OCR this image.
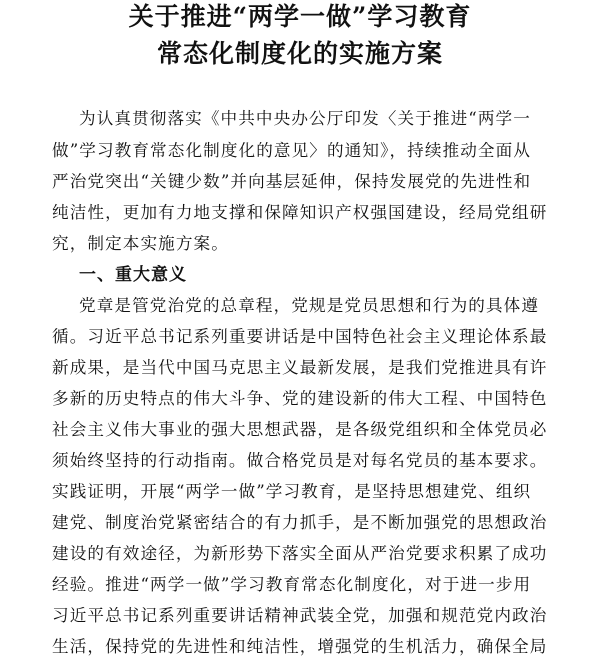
关于推进“两学一做”学习教育
常态化制度化的实施方案
为认真贯彻落实《中共中央办公厅印发〈关于推进“两学一
做”学习教育常态化制度化的意见〉的通知》，持续推动全面从
严治党突出“关键少数”并向基层延伸，保持发展党的先进性和
纯洁性，更加有力地支撑和保障知识产权强国建设，经局党组研
究，制定本实施方案。
一、重大意义
党章是管党治党的总章程，党规是党员思想和行为的具体遵
循。习近平总书记系列重要讲话是中国特色社会主义理论体系最
新成果，是当代中国马克思主义最新发展，是我们党推进具有许
多新的历史特点的伟大斗争、党的建设新的伟大工程、中国特色
社会主义伟大事业的强大思想武器，是各级党组织和全体党员必
须始终坚持的行动指南。做合格党员是对每名党员的基本要求。
实践证明，开展“两学一做”学习教育，是坚持思想建党、组织
建党、制度治党紧密结合的有力抓手，是不断加强党的思想政治
建设的有效途径，为新形势下落实全面从严治党要求积累了成功
经验。推进“两学一做”学习教育常态化制度化，对于进一步用
习近平总书记系列重要讲话精神武装全党，加强和规范党内政治
生活，保持党的先进性和纯洁性，增强党的生机活力，确保全局
